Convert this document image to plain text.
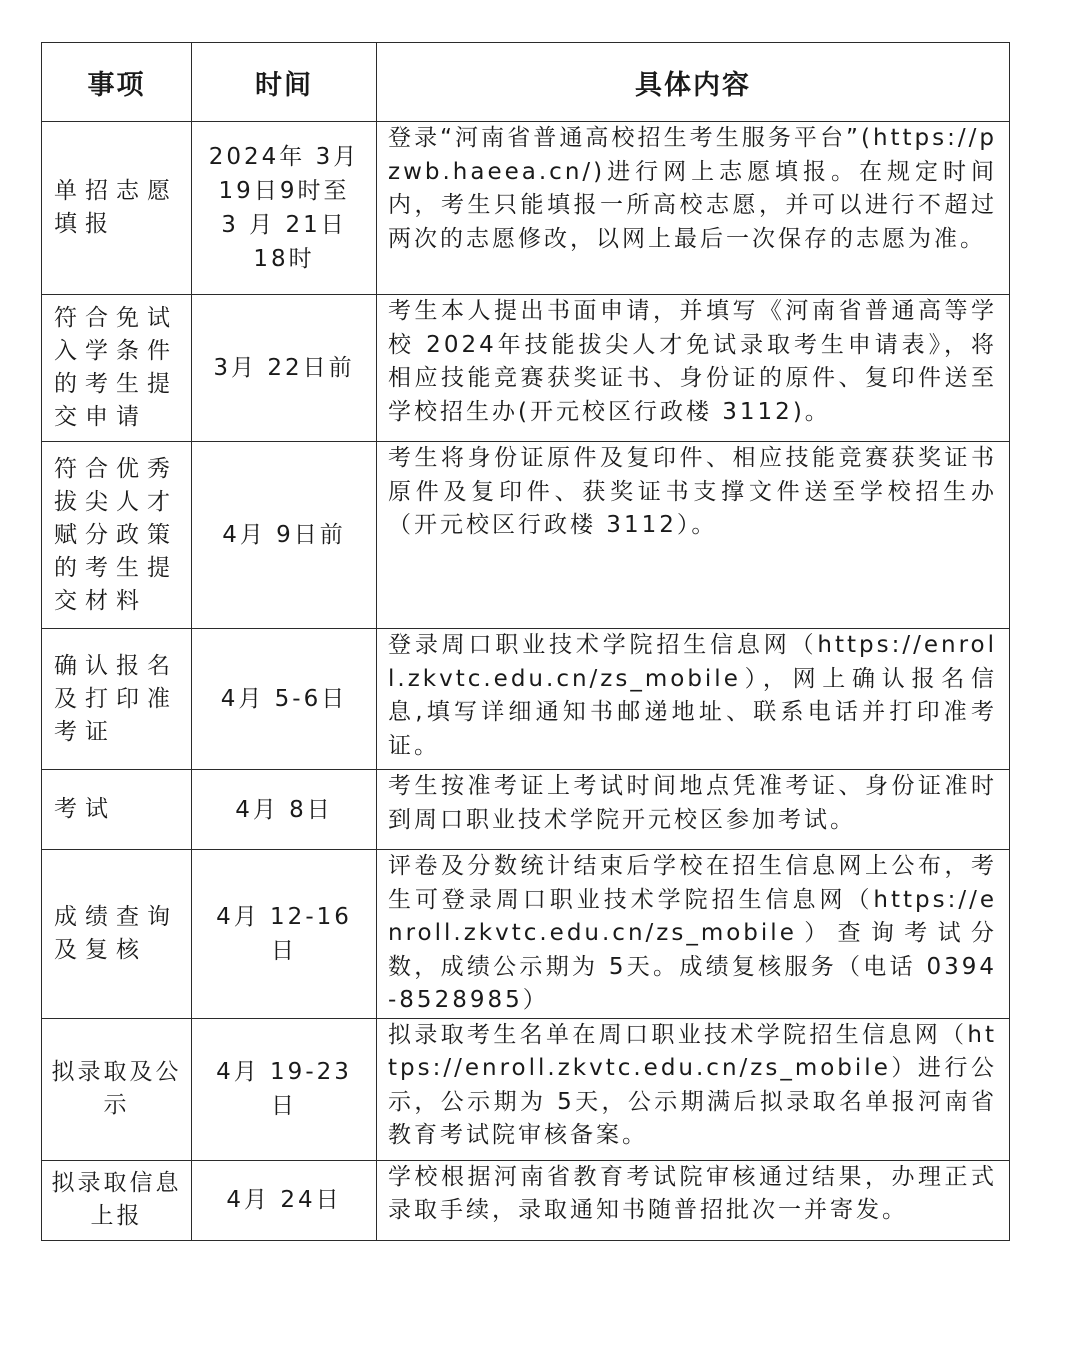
事项	时间	具体内容
单招志愿填报	2024年 3月 19日9时至 3 月 21日 18时	登录“河南省普通高校招生考生服务平台”(https://pzwb.haeea.cn/)进行网上志愿填报。在规定时间内，考生只能填报一所高校志愿，并可以进行不超过两次的志愿修改，以网上最后一次保存的志愿为准。

符合免试入学条件的考生提交申请	3月 22日前	考生本人提出书面申请，并填写《河南省普通高等学校 2024年技能拔尖人才免试录取考生申请表》，将相应技能竞赛获奖证书、身份证的原件、复印件送至学校招生办(开元校区行政楼 3112)。

符合优秀拔尖人才赋分政策的考生提交材料	4月 9日前	考生将身份证原件及复印件、相应技能竞赛获奖证书原件及复印件、获奖证书支撑文件送至学校招生办（开元校区行政楼 3112）。

确认报名及打印准考证	4月 5-6日	登录周口职业技术学院招生信息网（https://enroll.zkvtc.edu.cn/zs_mobile），网上确认报名信息,填写详细通知书邮递地址、联系电话并打印准考证。

考试	4月 8日	考生按准考证上考试时间地点凭准考证、身份证准时到周口职业技术学院开元校区参加考试。

成绩查询及复核	4月 12-16日	评卷及分数统计结束后学校在招生信息网上公布，考生可登录周口职业技术学院招生信息网（https://enroll.zkvtc.edu.cn/zs_mobile）查询考试分数，成绩公示期为 5天。成绩复核服务（电话 0394-8528985）

拟录取及公示	4月 19-23日	拟录取考生名单在周口职业技术学院招生信息网（https://enroll.zkvtc.edu.cn/zs_mobile）进行公示，公示期为 5天，公示期满后拟录取名单报河南省教育考试院审核备案。

拟录取信息上报	4月 24日	学校根据河南省教育考试院审核通过结果，办理正式录取手续，录取通知书随普招批次一并寄发。
